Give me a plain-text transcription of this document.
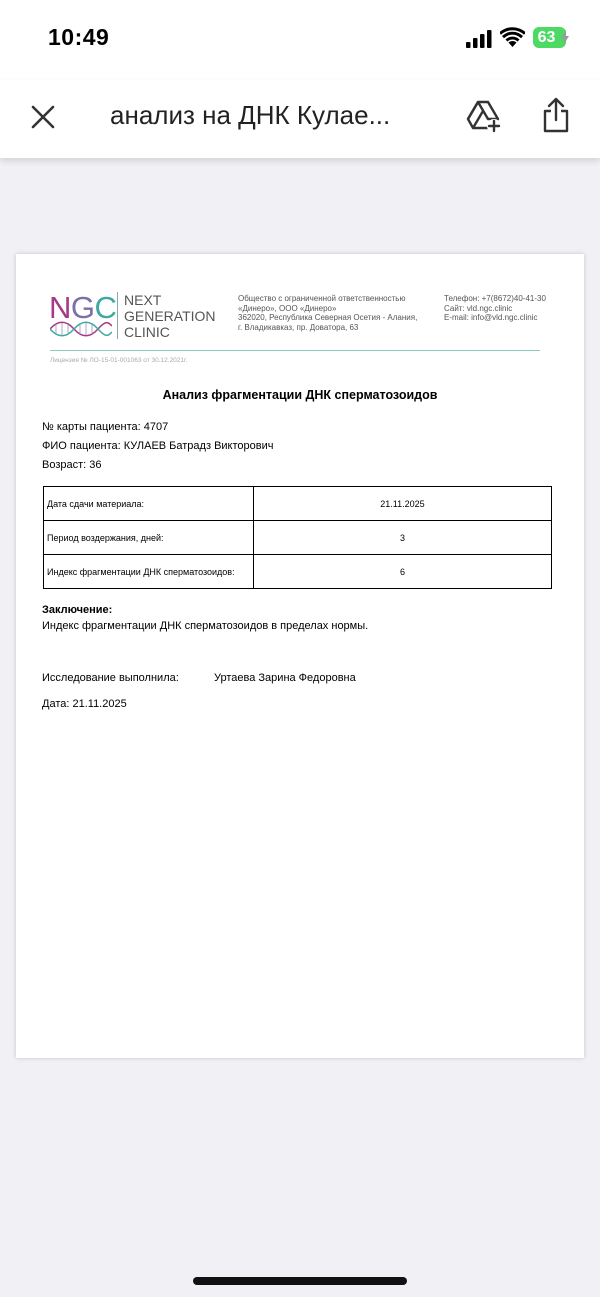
10:49	63
анализ на ДНК Кулае...
NGC NEXT
GENERATION
CLINIC
Общество с ограниченной ответственностью
«Динеро», ООО «Динеро»
362020, Республика Северная Осетия - Алания,
г. Владикавказ, пр. Доватора, 63
Телефон: +7(8672)40-41-30
Сайт: vld.ngc.clinic
E-mail: info@vld.ngc.clinic
Лицензия № ЛО-15-01-001063 от 30.12.2021г.
Анализ фрагментации ДНК сперматозоидов
№ карты пациента: 4707
ФИО пациента: КУЛАЕВ Батрадз Викторович
Возраст: 36
Дата сдачи материала:	21.11.2025
Период воздержания, дней:	3
Индекс фрагментации ДНК сперматозоидов:	6
Заключение:
Индекс фрагментации ДНК сперматозоидов в пределах нормы.
Исследование выполнила:	Уртаева Зарина Федоровна
Дата: 21.11.2025
